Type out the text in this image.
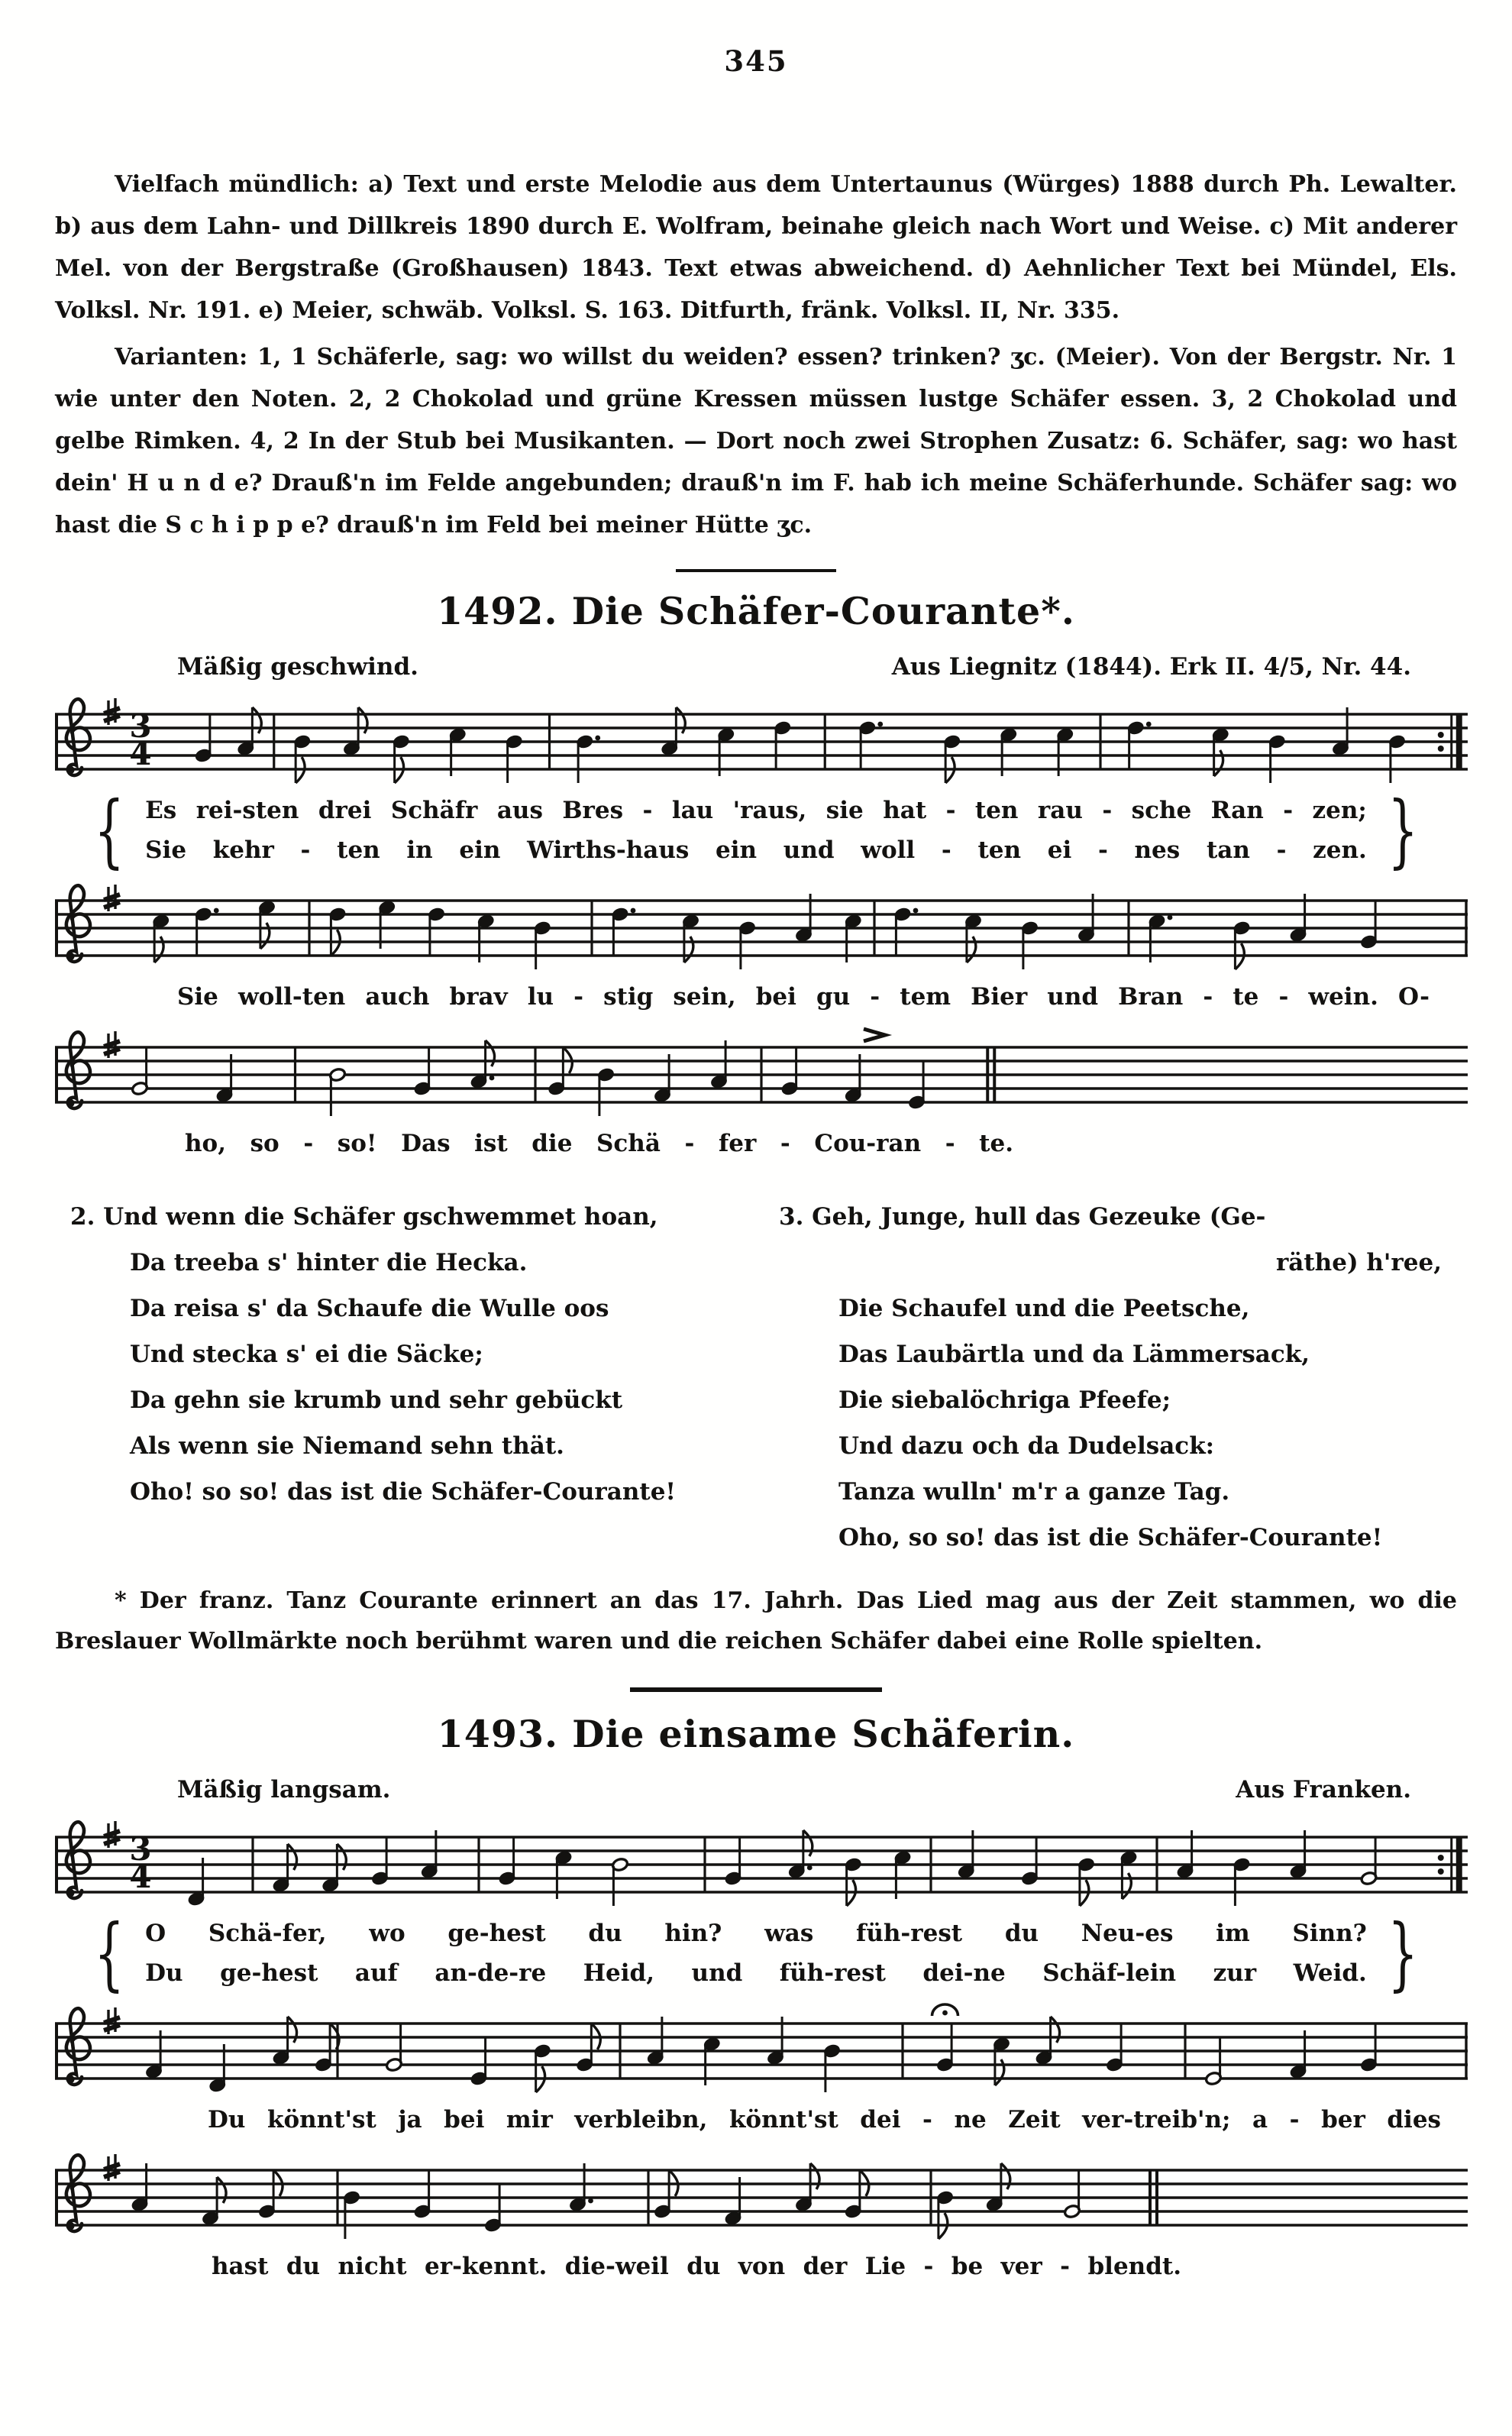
345

Vielfach mündlich: a) Text und erste Melodie aus dem Untertaunus (Würges) 1888 durch Ph. Lewalter. b) aus dem Lahn- und Dillkreis 1890 durch E. Wolfram, beinahe gleich nach Wort und Weise. c) Mit anderer Mel. von der Bergstraße (Großhausen) 1843. Text etwas abweichend. d) Aehnlicher Text bei Mündel, Els. Volksl. Nr. 191. e) Meier, schwäb. Volksl. S. 163. Ditfurth, fränk. Volksl. II, Nr. 335.

Varianten: 1, 1 Schäferle, sag: wo willst du weiden? essen? trinken? ʒc. (Meier). Von der Bergstr. Nr. 1 wie unter den Noten. 2, 2 Chokolad und grüne Kressen müssen lustge Schäfer essen. 3, 2 Chokolad und gelbe Rimken. 4, 2 In der Stub bei Musikanten. — Dort noch zwei Strophen Zusatz: 6. Schäfer, sag: wo hast dein' H u n d e? Drauß'n im Felde angebunden; drauß'n im F. hab ich meine Schäferhunde. Schäfer sag: wo hast die S c h i p p e? drauß'n im Feld bei meiner Hütte ʒc.

1492. Die Schäfer-Courante*.
Mäßig geschwind.	Aus Liegnitz (1844). Erk II. 4/5, Nr. 44.
3
4
{ Es rei-sten drei Schäfr aus Bres - lau 'raus, sie hat - ten rau - sche Ran - zen;
Sie kehr - ten in ein Wirths-haus ein und woll - ten ei - nes tan - zen. }
Sie woll-ten auch brav lu - stig sein, bei gu - tem Bier und Bran - te - wein. O-
ho, so - so! Das ist die Schä - fer - Cou-ran - te.
2. Und wenn die Schäfer gschwemmet hoan,
Da treeba s' hinter die Hecka.
Da reisa s' da Schaufe die Wulle oos
Und stecka s' ei die Säcke;
Da gehn sie krumb und sehr gebückt
Als wenn sie Niemand sehn thät.
Oho! so so! das ist die Schäfer-Courante!
3. Geh, Junge, hull das Gezeuke (Ge-
räthe) h'ree,
Die Schaufel und die Peetsche,
Das Laubärtla und da Lämmersack,
Die siebalöchriga Pfeefe;
Und dazu och da Dudelsack:
Tanza wulln' m'r a ganze Tag.
Oho, so so! das ist die Schäfer-Courante!

* Der franz. Tanz Courante erinnert an das 17. Jahrh. Das Lied mag aus der Zeit stammen, wo die Breslauer Wollmärkte noch berühmt waren und die reichen Schäfer dabei eine Rolle spielten.

1493. Die einsame Schäferin.
Mäßig langsam.	Aus Franken.
3
4
{ O Schä-fer, wo ge-hest du hin? was füh-rest du Neu-es im Sinn?
Du ge-hest auf an-de-re Heid, und füh-rest dei-ne Schäf-lein zur Weid. }
Du könnt'st ja bei mir verbleibn, könnt'st dei - ne Zeit ver-treib'n; a - ber dies
hast du nicht er-kennt. die-weil du von der Lie - be ver - blendt.
